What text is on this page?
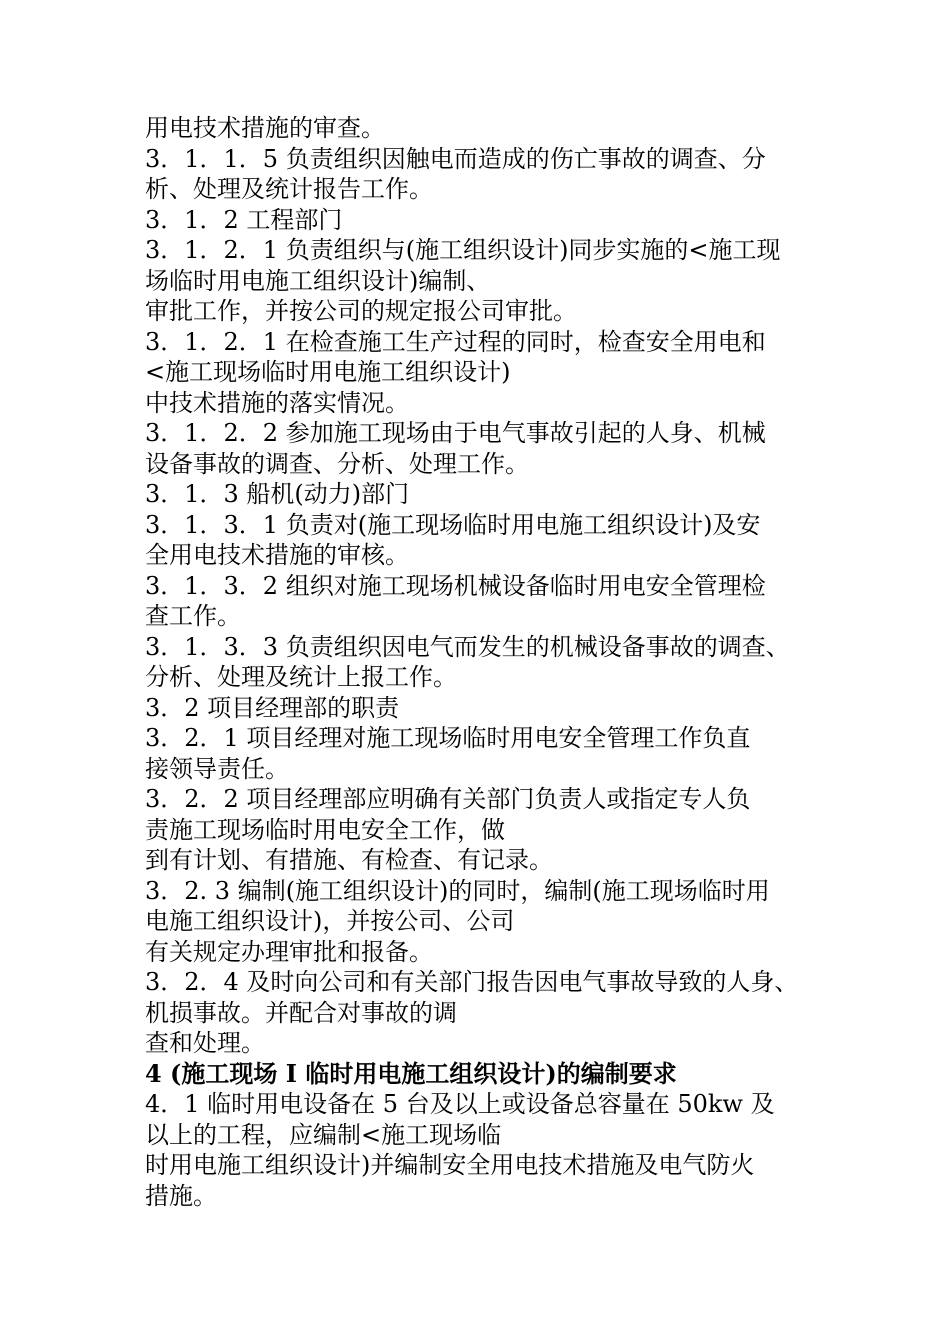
用电技术措施的审查。
3．1．1．5 负责组织因触电而造成的伤亡事故的调查、分
析、处理及统计报告工作。
3．1．2 工程部门
3．1．2．1 负责组织与(施工组织设计)同步实施的<施工现
场临时用电施工组织设计)编制、
审批工作，并按公司的规定报公司审批。
3．1．2．1 在检查施工生产过程的同时，检查安全用电和
<施工现场临时用电施工组织设计)
中技术措施的落实情况。
3．1．2．2 参加施工现场由于电气事故引起的人身、机械
设备事故的调查、分析、处理工作。
3．1．3 船机(动力)部门
3．1．3．1 负责对(施工现场临时用电施工组织设计)及安
全用电技术措施的审核。
3．1．3．2 组织对施工现场机械设备临时用电安全管理检
查工作。
3．1．3．3 负责组织因电气而发生的机械设备事故的调查、
分析、处理及统计上报工作。
3．2 项目经理部的职责
3．2．1 项目经理对施工现场临时用电安全管理工作负直
接领导责任。
3．2．2 项目经理部应明确有关部门负责人或指定专人负
责施工现场临时用电安全工作，做
到有计划、有措施、有检查、有记录。
3．2. 3 编制(施工组织设计)的同时，编制(施工现场临时用
电施工组织设计)，并按公司、公司
有关规定办理审批和报备。
3．2．4 及时向公司和有关部门报告因电气事故导致的人身、
机损事故。并配合对事故的调
查和处理。
4 (施工现场 I 临时用电施工组织设计)的编制要求
4．1 临时用电设备在 5 台及以上或设备总容量在 50kw 及
以上的工程，应编制<施工现场临
时用电施工组织设计)并编制安全用电技术措施及电气防火
措施。
